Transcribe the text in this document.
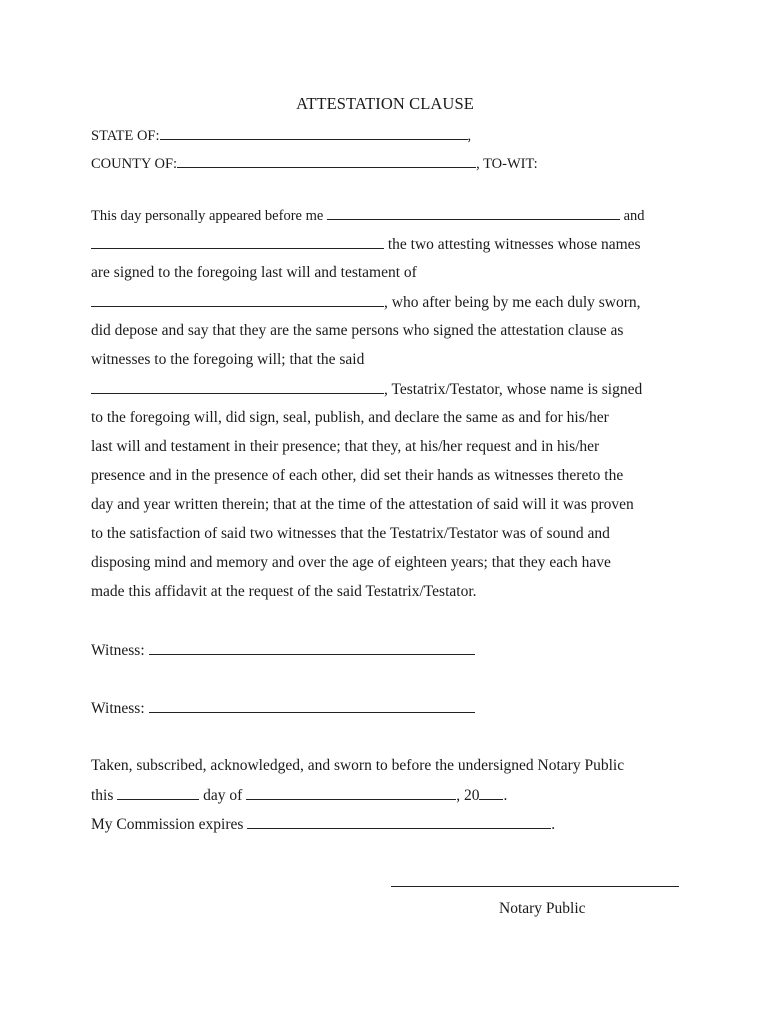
ATTESTATION CLAUSE
STATE OF:	,
COUNTY OF:	, TO-WIT:
This day personally appeared before me	and
the two attesting witnesses whose names
are signed to the foregoing last will and testament of
, who after being by me each duly sworn,
did depose and say that they are the same persons who signed the attestation clause as
witnesses to the foregoing will; that the said
, Testatrix/Testator, whose name is signed
to the foregoing will, did sign, seal, publish, and declare the same as and for his/her
last will and testament in their presence; that they, at his/her request and in his/her
presence and in the presence of each other, did set their hands as witnesses thereto the
day and year written therein; that at the time of the attestation of said will it was proven
to the satisfaction of said two witnesses that the Testatrix/Testator was of sound and
disposing mind and memory and over the age of eighteen years; that they each have
made this affidavit at the request of the said Testatrix/Testator.
Witness:
Witness:
Taken, subscribed, acknowledged, and sworn to before the undersigned Notary Public
this	day of	, 20 .
My Commission expires	.
Notary Public
